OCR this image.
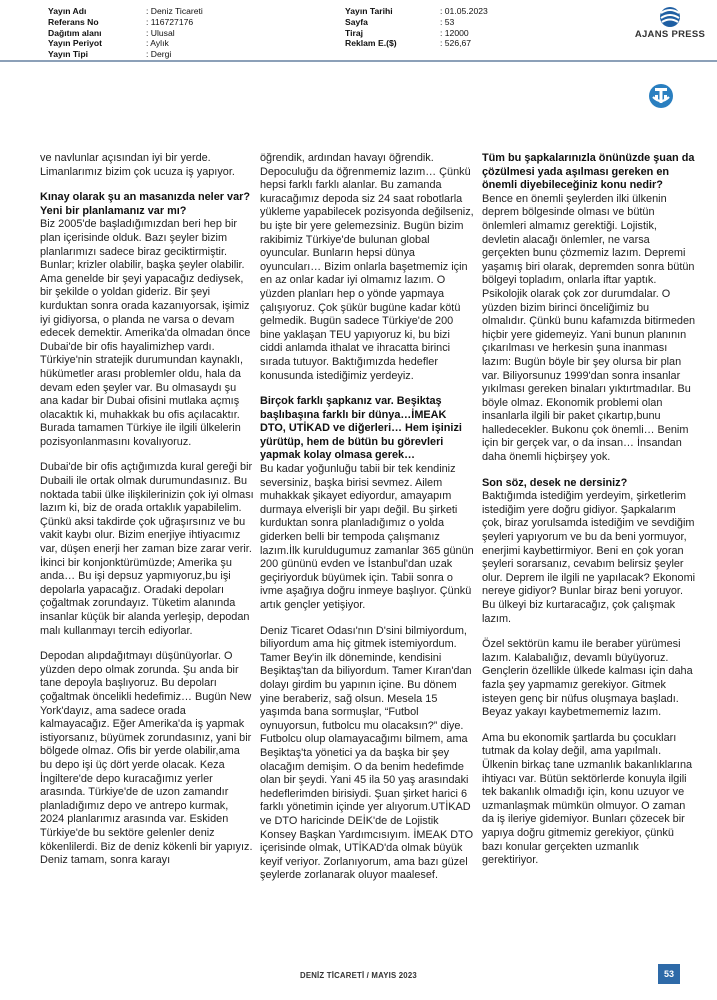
Yayın Adı	: Deniz Ticareti
Referans No	: 116727176
Dağıtım alanı	: Ulusal
Yayın Periyot	: Aylık
Yayın Tipi	: Dergi
Yayın Tarihi	: 01.05.2023
Sayfa	: 53
Tiraj	: 12000
Reklam E.($)	: 526,67
AJANS PRESS

ve navlunlar açısından iyi bir yerde. Limanlarımız bizim çok ucuza iş yapıyor.

Kınay olarak şu an masanızda neler var? Yeni bir planlamanız var mı?

Biz 2005'de başladığımızdan beri hep bir plan içerisinde olduk. Bazı şeyler bizim planlarımızı sadece biraz geciktirmiştir. Bunlar; krizler olabilir, başka şeyler olabilir. Ama genelde bir şeyi yapacağız dediysek, bir şekilde o yoldan gideriz. Bir şeyi kurduktan sonra orada kazanıyorsak, işimiz iyi gidiyorsa, o planda ne varsa o devam edecek demektir. Amerika'da olmadan önce Dubai'de bir ofis hayalimizhep vardı. Türkiye'nin stratejik durumundan kaynaklı, hükümetler arası problemler oldu, hala da devam eden şeyler var. Bu olmasaydı şu ana kadar bir Dubai ofisini mutlaka açmış olacaktık ki, muhakkak bu ofis açılacaktır. Burada tamamen Türkiye ile ilgili ülkelerin pozisyonlanmasını kovalıyoruz.

Dubai'de bir ofis açtığımızda kural gereği bir Dubaili ile ortak olmak durumundasınız. Bu noktada tabii ülke ilişkilerinizin çok iyi olması lazım ki, biz de orada ortaklık yapabilelim. Çünkü aksi takdirde çok uğraşırsınız ve bu vakit kaybı olur. Bizim enerjiye ihtiyacımız var, düşen enerji her zaman bize zarar verir. İkinci bir konjonktürümüzde; Amerika şu anda… Bu işi depsuz yapmıyoruz,bu işi depolarla yapacağız. Oradaki depoları çoğaltmak zorundayız. Tüketim alanında insanlar küçük bir alanda yerleşip, depodan malı kullanmayı tercih ediyorlar.

Depodan alıpdağıtmayı düşünüyorlar. O yüzden depo olmak zorunda. Şu anda bir tane depoyla başlıyoruz. Bu depoları çoğaltmak öncelikli hedefimiz… Bugün New York'dayız, ama sadece orada kalmayacağız. Eğer Amerika'da iş yapmak istiyorsanız, büyümek zorundasınız, yani bir bölgede olmaz. Ofis bir yerde olabilir,ama bu depo işi üç dört yerde olacak. Keza İngiltere'de depo kuracağımız yerler arasında. Türkiye'de de uzon zamandır planladığımız depo ve antrepo kurmak, 2024 planlarımız arasında var. Eskiden Türkiye'de bu sektöre gelenler deniz kökenlilerdi. Biz de deniz kökenli bir yapıyız. Deniz tamam, sonra karayı

öğrendik, ardından havayı öğrendik. Depoculuğu da öğrenmemiz lazım… Çünkü hepsi farklı farklı alanlar. Bu zamanda kuracağımız depoda siz 24 saat robotlarla yükleme yapabilecek pozisyonda değilseniz, bu işte bir yere gelemezsiniz. Bugün bizim rakibimiz Türkiye'de bulunan global oyuncular. Bunların hepsi dünya oyuncuları… Bizim onlarla başetmemiz için en az onlar kadar iyi olmamız lazım. O yüzden planları hep o yönde yapmaya çalışıyoruz. Çok şükür bugüne kadar kötü gelmedik. Bugün sadece Türkiye'de 200 bine yaklaşan TEU yapıyoruz ki, bu bizi ciddi anlamda ithalat ve ihracatta birinci sırada tutuyor. Baktığımızda hedefler konusunda istediğimiz yerdeyiz.

Birçok farklı şapkanız var. Beşiktaş başlıbaşına farklı bir dünya…İMEAK DTO, UTİKAD ve diğerleri… Hem işinizi yürütüp, hem de bütün bu görevleri yapmak kolay olmasa gerek…

Bu kadar yoğunluğu tabii bir tek kendiniz seversiniz, başka birisi sevmez. Ailem muhakkak şikayet ediyordur, amayapım durmaya elverişli bir yapı değil. Bu şirketi kurduktan sonra planladığımız o yolda giderken belli bir tempoda çalışmanız lazım.İlk kuruldugumuz zamanlar 365 günün 200 gününü evden ve İstanbul'dan uzak geçiriyorduk büyümek için. Tabii sonra o ivme aşağıya doğru inmeye başlıyor. Çünkü artık gençler yetişiyor.

Deniz Ticaret Odası'nın D'sini bilmiyordum, biliyordum ama hiç gitmek istemiyordum. Tamer Bey'in ilk döneminde, kendisini Beşiktaş'tan da biliyordum. Tamer Kıran'dan dolayı girdim bu yapının içine. Bu dönem yine beraberiz, sağ olsun. Mesela 15 yaşımda bana sormuşlar, “Futbol oynuyorsun, futbolcu mu olacaksın?” diye. Futbolcu olup olamayacağımı bilmem, ama Beşiktaş'ta yönetici ya da başka bir şey olacağım demişim. O da benim hedefimde olan bir şeydi. Yani 45 ila 50 yaş arasındaki hedeflerimden birisiydi. Şuan şirket harici 6 farklı yönetimin içinde yer alıyorum.UTİKAD ve DTO haricinde DEİK'de de Lojistik Konsey Başkan Yardımcısıyım. İMEAK DTO içerisinde olmak, UTİKAD'da olmak büyük keyif veriyor. Zorlanıyorum, ama bazı güzel şeylerde zorlanarak oluyor maalesef.

Tüm bu şapkalarınızla önünüzde şuan da çözülmesi yada aşılması gereken en önemli diyebileceğiniz konu nedir?

Bence en önemli şeylerden ilki ülkenin deprem bölgesinde olması ve bütün önlemleri almamız gerektiği. Lojistik, devletin alacağı önlemler, ne varsa gerçekten bunu çözmemiz lazım. Depremi yaşamış biri olarak, depremden sonra bütün bölgeyi topladım, onlarla iftar yaptık. Psikolojik olarak çok zor durumdalar. O yüzden bizim birinci önceliğimiz bu olmalıdır. Çünkü bunu kafamızda bitirmeden hiçbir yere gidemeyiz. Yani bunun planının çıkarılması ve herkesin şuna inanması lazım: Bugün böyle bir şey olursa bir plan var. Biliyorsunuz 1999'dan sonra insanlar yıkılması gereken binaları yıktırtmadılar. Bu böyle olmaz. Ekonomik problemi olan insanlarla ilgili bir paket çıkartıp,bunu halledecekler. Bukonu çok önemli… Benim için bir gerçek var, o da insan… İnsandan daha önemli hiçbirşey yok.

Son söz, desek ne dersiniz?

Baktığımda istediğim yerdeyim, şirketlerim istediğim yere doğru gidiyor. Şapkalarım çok, biraz yorulsamda istediğim ve sevdiğim şeyleri yapıyorum ve bu da beni yormuyor, enerjimi kaybettirmiyor. Beni en çok yoran şeyleri sorarsanız, cevabım belirsiz şeyler olur. Deprem ile ilgili ne yapılacak? Ekonomi nereye gidiyor? Bunlar biraz beni yoruyor. Bu ülkeyi biz kurtaracağız, çok çalışmak lazım.

Özel sektörün kamu ile beraber yürümesi lazım. Kalabalığız, devamlı büyüyoruz. Gençlerin özellikle ülkede kalması için daha fazla şey yapmamız gerekiyor. Gitmek isteyen genç bir nüfus oluşmaya başladı. Beyaz yakayı kaybetmememiz lazım.

Ama bu ekonomik şartlarda bu çocukları tutmak da kolay değil, ama yapılmalı. Ülkenin birkaç tane uzmanlık bakanlıklarına ihtiyacı var. Bütün sektörlerde konuyla ilgili tek bakanlık olmadığı için, konu uzuyor ve uzmanlaşmak mümkün olmuyor. O zaman da iş ileriye gidemiyor. Bunları çözecek bir yapıya doğru gitmemiz gerekiyor, çünkü bazı konular gerçekten uzmanlık gerektiriyor.

DENİZ TİCARETİ / MAYIS 2023	53
